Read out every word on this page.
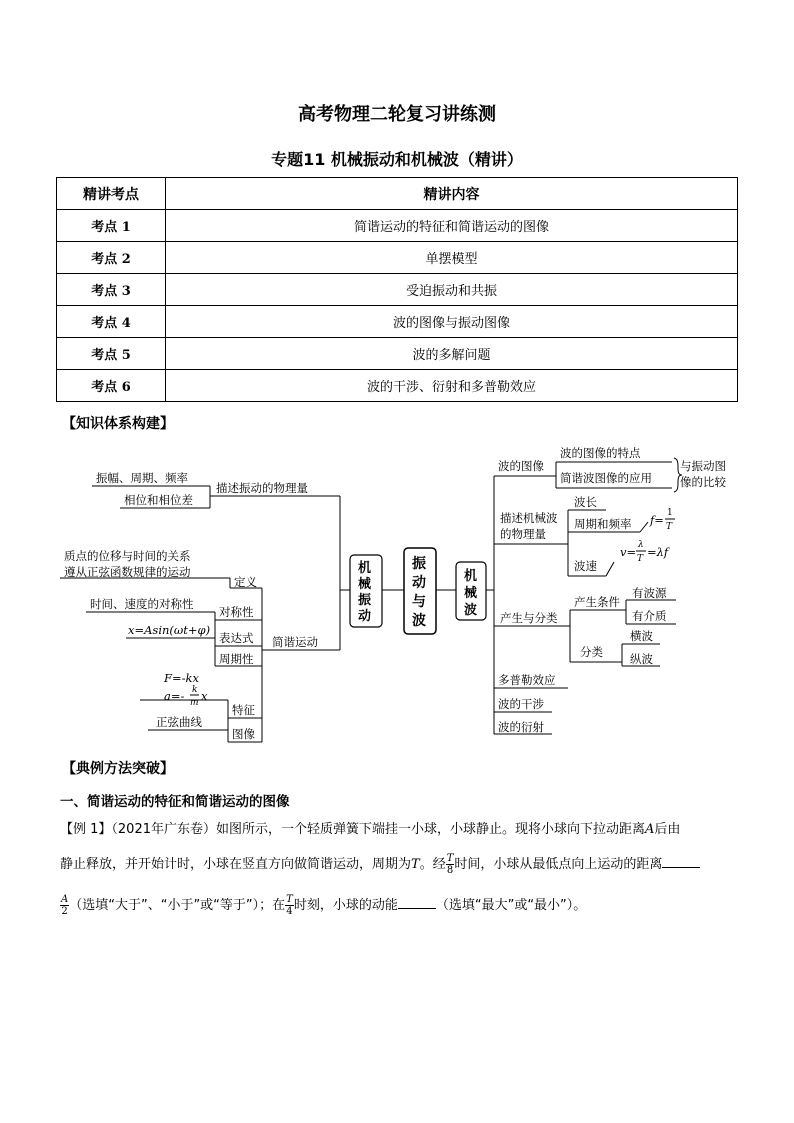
高考物理二轮复习讲练测
专题11 机械振动和机械波（精讲）
精讲考点	精讲内容
考点 1	简谐运动的特征和简谐运动的图像
考点 2	单摆模型
考点 3	受迫振动和共振
考点 4	波的图像与振动图像
考点 5	波的多解问题
考点 6	波的干涉、衍射和多普勒效应
【知识体系构建】
振幅、周期、频率
相位和相位差
描述振动的物理量
质点的位移与时间的关系
遵从正弦函数规律的运动
定义
时间、速度的对称性
对称性
x=Asin(ωt+φ)
表达式
周期性
简谐运动
F=-kx
a=- k
m x
特征
正弦曲线
图像
机
械
振
动
振
动
与
波
机
械
波
波的图像
波的图像的特点
简谐波图像的应用
与振动图
像的比较
描述机械波
的物理量
波长
周期和频率
波速
f= 1
T
v= λ
T =λf
产生与分类
产生条件
分类
有波源
有介质
横波
纵波
多普勒效应
波的干涉
波的衍射
【典例方法突破】
一、简谐运动的特征和简谐运动的图像
【例 1】（2021年广东卷）如图所示，一个轻质弹簧下端挂一小球，小球静止。现将小球向下拉动距离A后由
静止释放，并开始计时，小球在竖直方向做简谐运动，周期为T。经 $\frac{T}{8}$ 时间，小球从最低点向上运动的距离
$\frac{A}{2}$ （选填“大于”、“小于”或“等于”）；在 $\frac{T}{4}$ 时刻，小球的动能	（选填“最大”或“最小”）。
